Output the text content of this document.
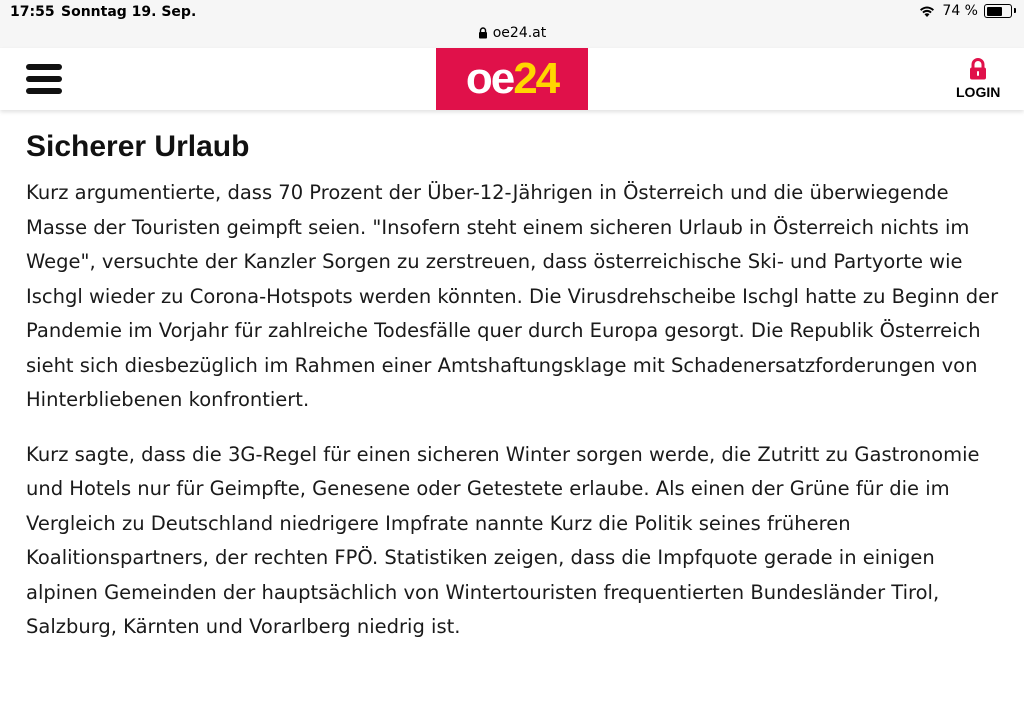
17:55 Sonntag 19. Sep.	74 %
oe24.at
oe 24	LOGIN
Sicherer Urlaub

Kurz argumentierte, dass 70 Prozent der Über-12-Jährigen in Österreich und die überwiegende Masse der Touristen geimpft seien. "Insofern steht einem sicheren Urlaub in Österreich nichts im Wege", versuchte der Kanzler Sorgen zu zerstreuen, dass österreichische Ski- und Partyorte wie Ischgl wieder zu Corona-Hotspots werden könnten. Die Virusdrehscheibe Ischgl hatte zu Beginn der Pandemie im Vorjahr für zahlreiche Todesfälle quer durch Europa gesorgt. Die Republik Österreich sieht sich diesbezüglich im Rahmen einer Amtshaftungsklage mit Schadenersatzforderungen von Hinterbliebenen konfrontiert.

Kurz sagte, dass die 3G-Regel für einen sicheren Winter sorgen werde, die Zutritt zu Gastronomie und Hotels nur für Geimpfte, Genesene oder Getestete erlaube. Als einen der Grüne für die im Vergleich zu Deutschland niedrigere Impfrate nannte Kurz die Politik seines früheren Koalitionspartners, der rechten FPÖ. Statistiken zeigen, dass die Impfquote gerade in einigen alpinen Gemeinden der hauptsächlich von Wintertouristen frequentierten Bundesländer Tirol, Salzburg, Kärnten und Vorarlberg niedrig ist.
